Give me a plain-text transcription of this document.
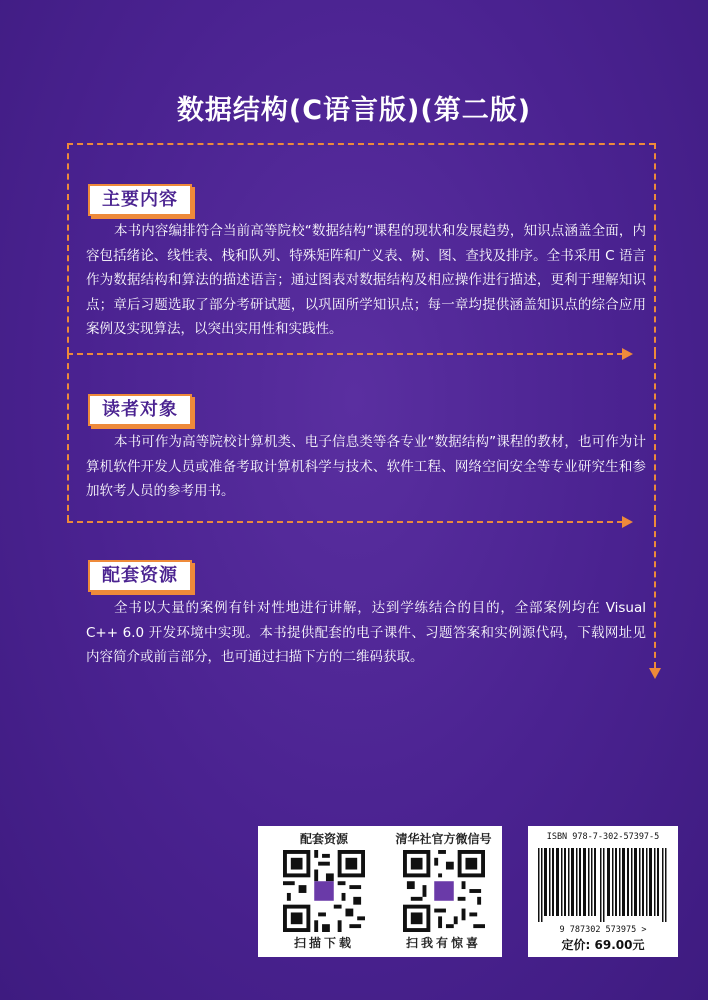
数据结构(C语言版)(第二版)
主要内容
本书内容编排符合当前高等院校“数据结构”课程的现状和发展趋势，知识点涵盖全面，内容包括绪论、线性表、栈和队列、特殊矩阵和广义表、树、图、查找及排序。全书采用 C 语言作为数据结构和算法的描述语言；通过图表对数据结构及相应操作进行描述，更利于理解知识点；章后习题选取了部分考研试题，以巩固所学知识点；每一章均提供涵盖知识点的综合应用案例及实现算法，以突出实用性和实践性。
读者对象
本书可作为高等院校计算机类、电子信息类等各专业“数据结构”课程的教材，也可作为计算机软件开发人员或准备考取计算机科学与技术、软件工程、网络空间安全等专业研究生和参加软考人员的参考用书。
配套资源
全书以大量的案例有针对性地进行讲解，达到学练结合的目的，全部案例均在 Visual C++ 6.0 开发环境中实现。本书提供配套的电子课件、习题答案和实例源代码，下载网址见内容简介或前言部分，也可通过扫描下方的二维码获取。
配套资源
扫描下载
清华社官方微信号
扫我有惊喜
ISBN 978-7-302-57397-5
9 787302 573975 >
定价: 69.00元
